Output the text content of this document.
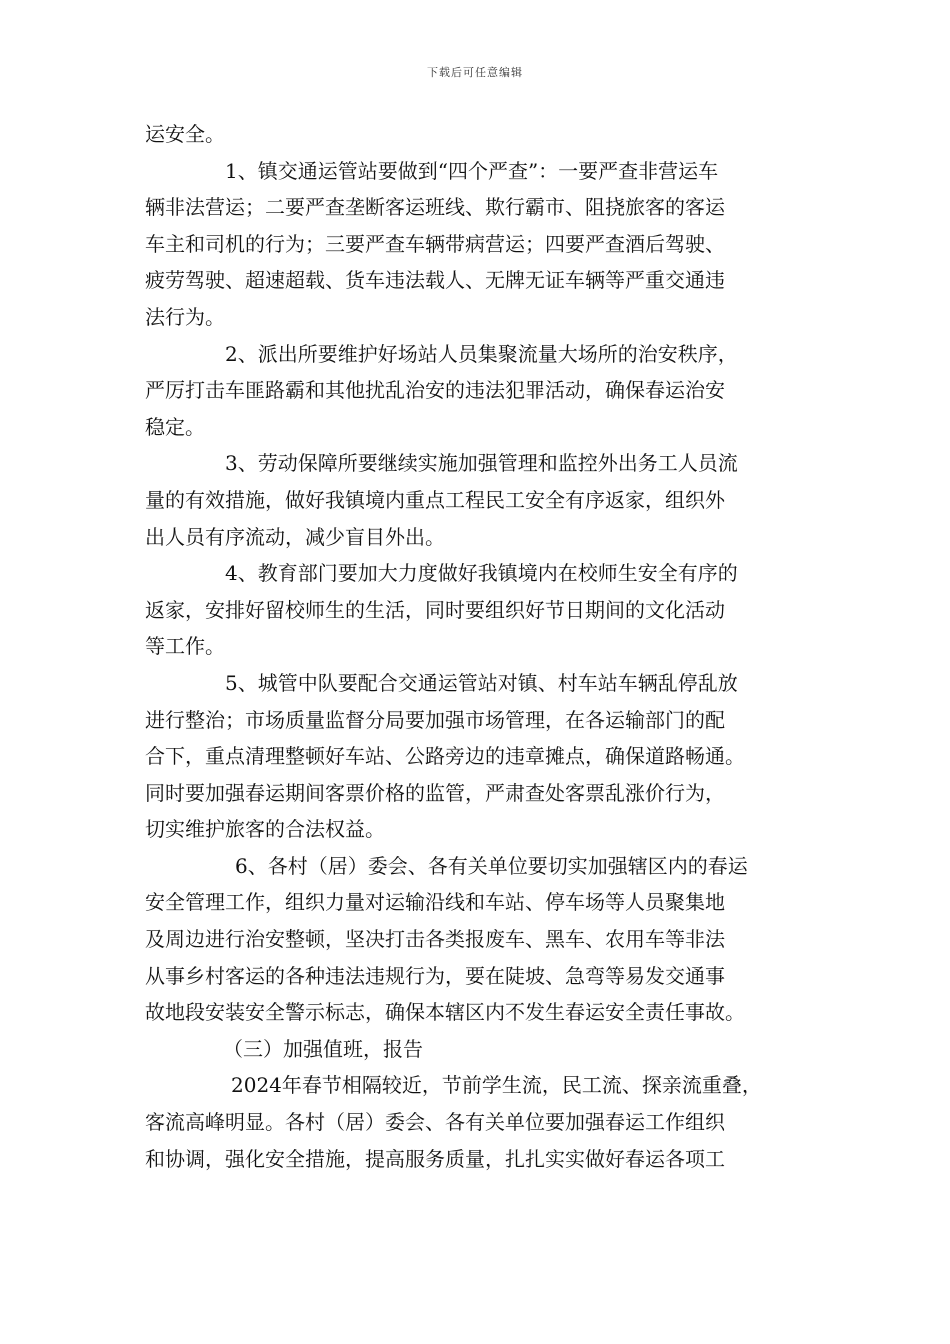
下载后可任意编辑
运安全。
1、镇交通运管站要做到“四个严查”：一要严查非营运车
辆非法营运；二要严查垄断客运班线、欺行霸市、阻挠旅客的客运
车主和司机的行为；三要严查车辆带病营运；四要严查酒后驾驶、
疲劳驾驶、超速超载、货车违法载人、无牌无证车辆等严重交通违
法行为。
2、派出所要维护好场站人员集聚流量大场所的治安秩序，
严厉打击车匪路霸和其他扰乱治安的违法犯罪活动，确保春运治安
稳定。
3、劳动保障所要继续实施加强管理和监控外出务工人员流
量的有效措施，做好我镇境内重点工程民工安全有序返家，组织外
出人员有序流动，减少盲目外出。
4、教育部门要加大力度做好我镇境内在校师生安全有序的
返家，安排好留校师生的生活，同时要组织好节日期间的文化活动
等工作。
5、城管中队要配合交通运管站对镇、村车站车辆乱停乱放
进行整治；市场质量监督分局要加强市场管理，在各运输部门的配
合下，重点清理整顿好车站、公路旁边的违章摊点，确保道路畅通。
同时要加强春运期间客票价格的监管，严肃查处客票乱涨价行为，
切实维护旅客的合法权益。
6、各村（居）委会、各有关单位要切实加强辖区内的春运
安全管理工作，组织力量对运输沿线和车站、停车场等人员聚集地
及周边进行治安整顿，坚决打击各类报废车、黑车、农用车等非法
从事乡村客运的各种违法违规行为，要在陡坡、急弯等易发交通事
故地段安装安全警示标志，确保本辖区内不发生春运安全责任事故。
（三）加强值班，报告
2024年春节相隔较近，节前学生流，民工流、探亲流重叠，
客流高峰明显。各村（居）委会、各有关单位要加强春运工作组织
和协调，强化安全措施，提高服务质量，扎扎实实做好春运各项工
